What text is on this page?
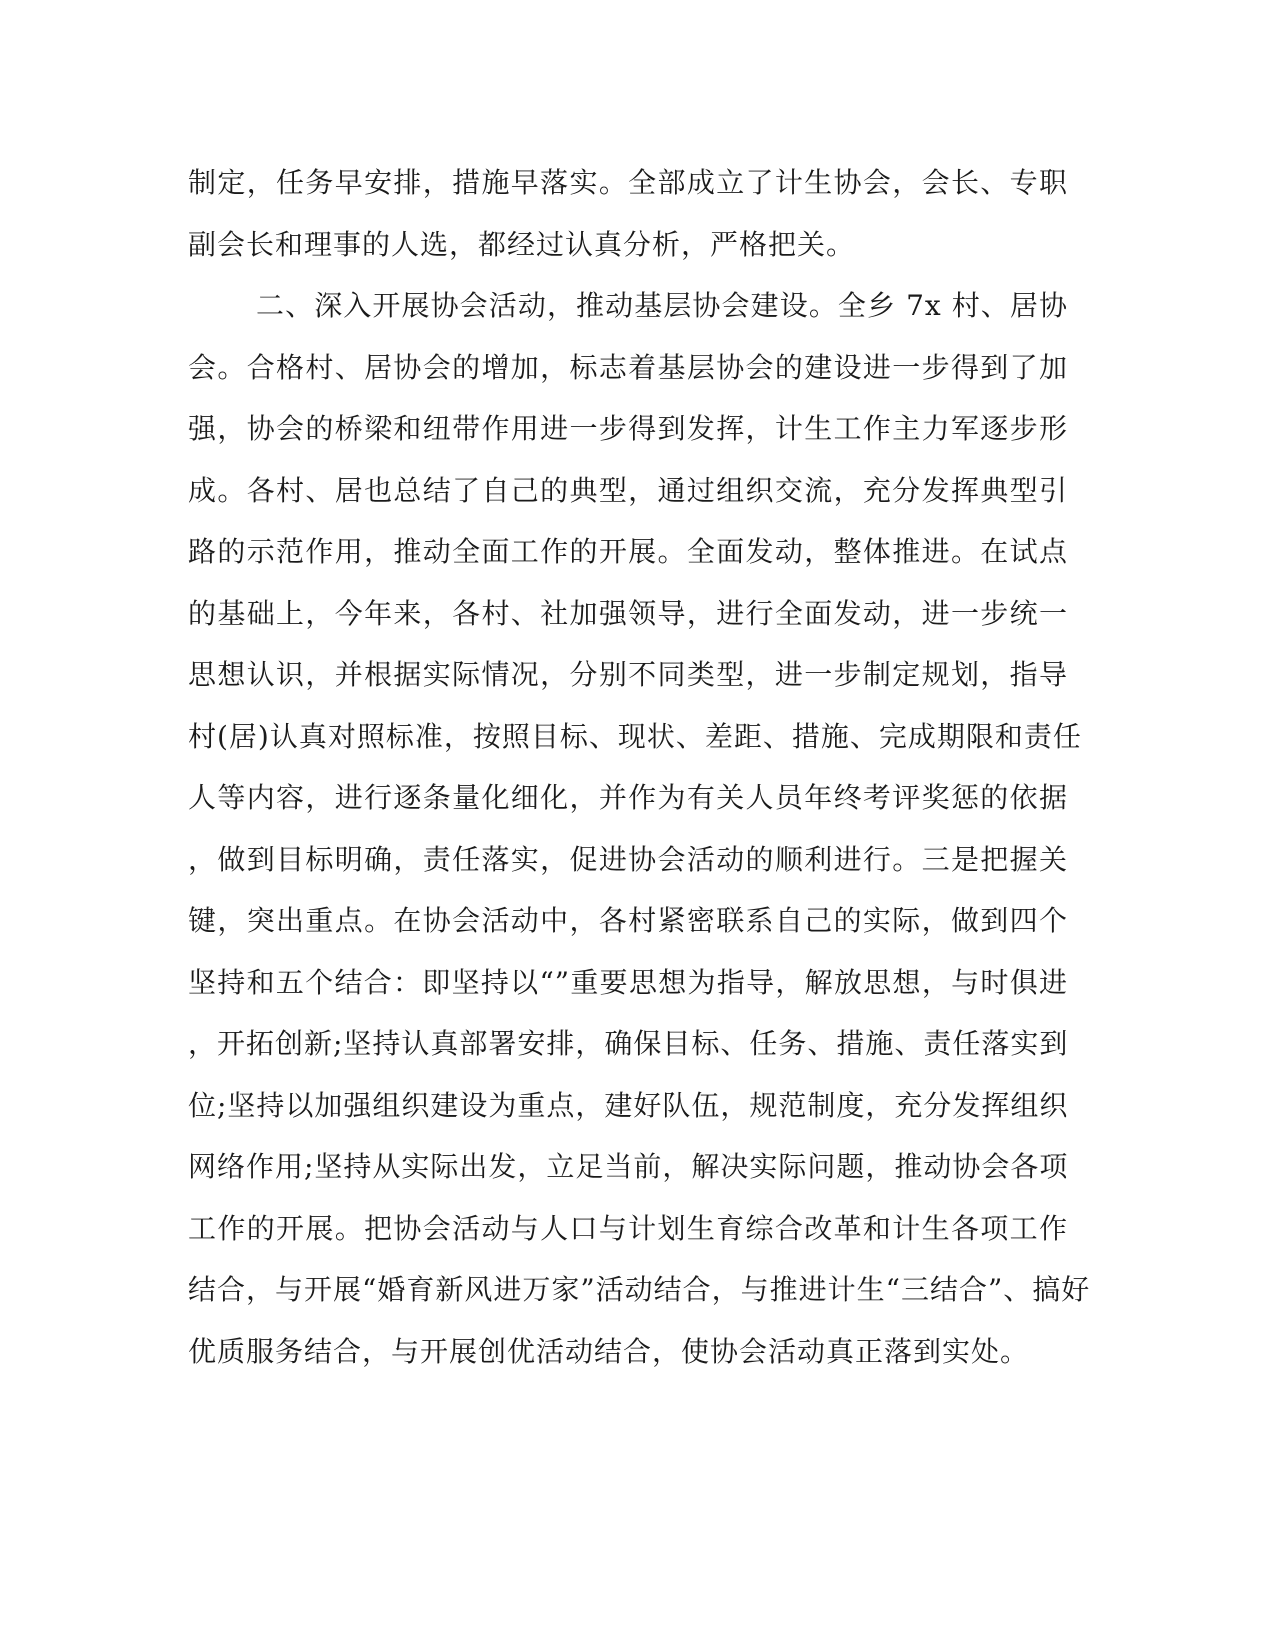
制定，任务早安排，措施早落实。全部成立了计生协会，会长、专职
副会长和理事的人选，都经过认真分析，严格把关。
二、深入开展协会活动，推动基层协会建设。全乡 7x 村、居协
会。合格村、居协会的增加，标志着基层协会的建设进一步得到了加
强，协会的桥梁和纽带作用进一步得到发挥，计生工作主力军逐步形
成。各村、居也总结了自己的典型，通过组织交流，充分发挥典型引
路的示范作用，推动全面工作的开展。全面发动，整体推进。在试点
的基础上，今年来，各村、社加强领导，进行全面发动，进一步统一
思想认识，并根据实际情况，分别不同类型，进一步制定规划，指导
村(居)认真对照标准，按照目标、现状、差距、措施、完成期限和责任
人等内容，进行逐条量化细化，并作为有关人员年终考评奖惩的依据
，做到目标明确，责任落实，促进协会活动的顺利进行。三是把握关
键，突出重点。在协会活动中，各村紧密联系自己的实际，做到四个
坚持和五个结合：即坚持以“”重要思想为指导，解放思想，与时俱进
，开拓创新;坚持认真部署安排，确保目标、任务、措施、责任落实到
位;坚持以加强组织建设为重点，建好队伍，规范制度，充分发挥组织
网络作用;坚持从实际出发，立足当前，解决实际问题，推动协会各项
工作的开展。把协会活动与人口与计划生育综合改革和计生各项工作
结合，与开展“婚育新风进万家”活动结合，与推进计生“三结合”、搞好
优质服务结合，与开展创优活动结合，使协会活动真正落到实处。
